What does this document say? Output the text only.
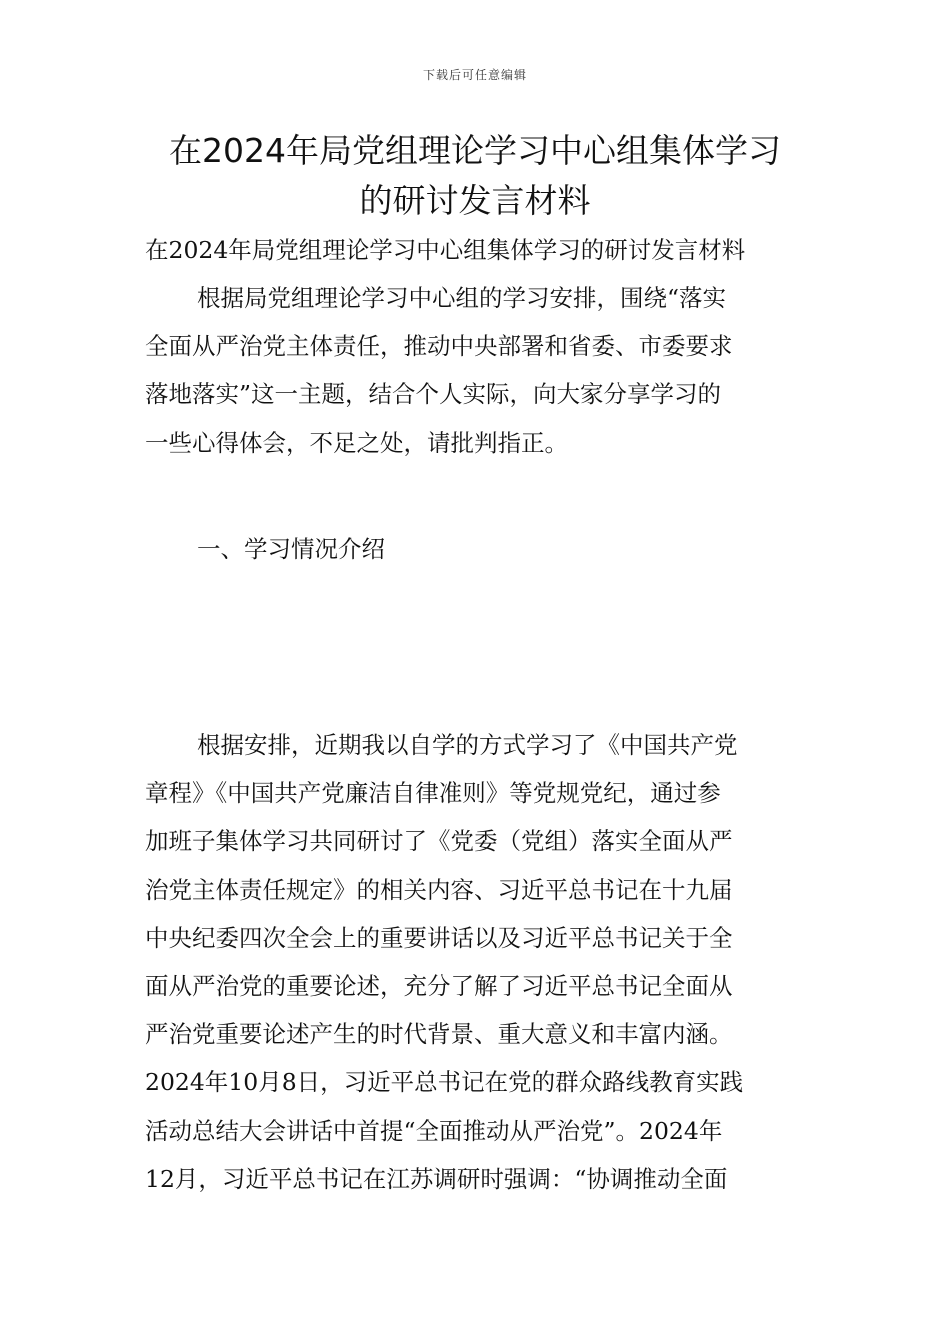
下载后可任意编辑
在2024年局党组理论学习中心组集体学习
的研讨发言材料

在2024年局党组理论学习中心组集体学习的研讨发言材料

根据局党组理论学习中心组的学习安排，围绕“落实
全面从严治党主体责任，推动中央部署和省委、市委要求
落地落实”这一主题，结合个人实际，向大家分享学习的
一些心得体会，不足之处，请批判指正。

一、学习情况介绍

根据安排，近期我以自学的方式学习了《中国共产党
章程》《中国共产党廉洁自律准则》等党规党纪，通过参
加班子集体学习共同研讨了《党委（党组）落实全面从严
治党主体责任规定》的相关内容、习近平总书记在十九届
中央纪委四次全会上的重要讲话以及习近平总书记关于全
面从严治党的重要论述，充分了解了习近平总书记全面从
严治党重要论述产生的时代背景、重大意义和丰富内涵。
2024年10月8日，习近平总书记在党的群众路线教育实践
活动总结大会讲话中首提“全面推动从严治党”。2024年
12月，习近平总书记在江苏调研时强调：“协调推动全面
